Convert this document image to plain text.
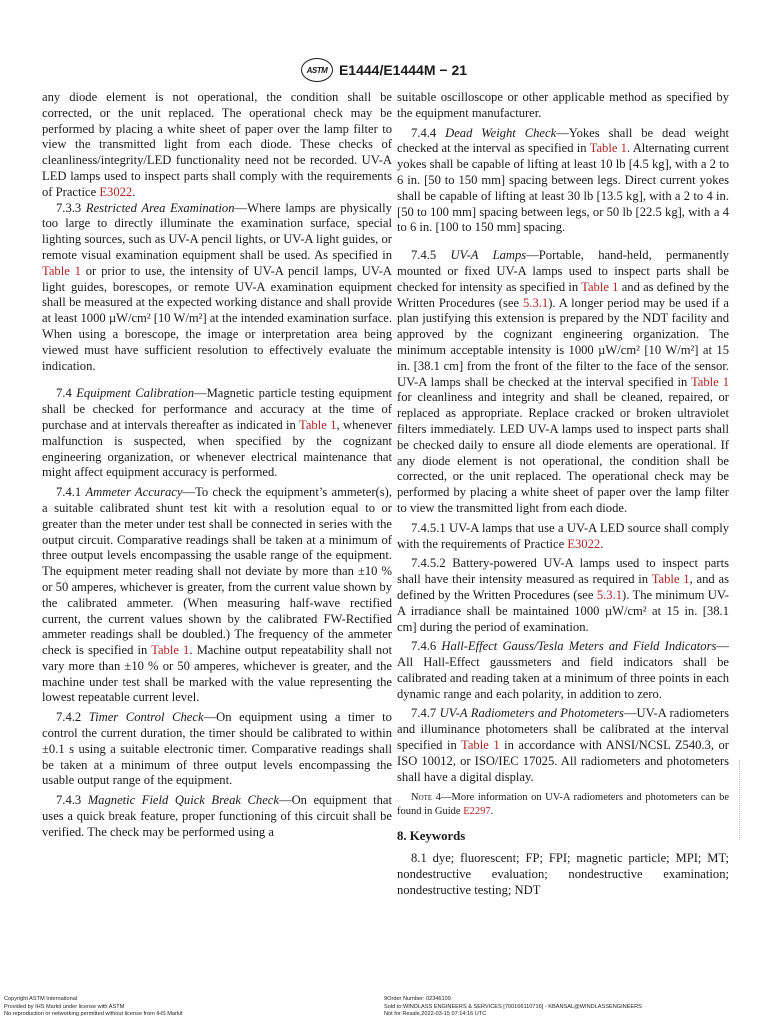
ASTM E1444/E1444M − 21

any diode element is not operational, the condition shall be corrected, or the unit replaced. The operational check may be performed by placing a white sheet of paper over the lamp filter to view the transmitted light from each diode. These checks of cleanliness/integrity/LED functionality need not be recorded. UV-A LED lamps used to inspect parts shall comply with the requirements of Practice E3022.

7.3.3 Restricted Area Examination—Where lamps are physically too large to directly illuminate the examination surface, special lighting sources, such as UV-A pencil lights, or UV-A light guides, or remote visual examination equipment shall be used. As specified in Table 1 or prior to use, the intensity of UV-A pencil lamps, UV-A light guides, borescopes, or remote UV-A examination equipment shall be measured at the expected working distance and shall provide at least 1000 µW/cm² [10 W/m²] at the intended examination surface. When using a borescope, the image or interpretation area being viewed must have sufficient resolution to effectively evaluate the indication.

7.4 Equipment Calibration—Magnetic particle testing equipment shall be checked for performance and accuracy at the time of purchase and at intervals thereafter as indicated in Table 1, whenever malfunction is suspected, when specified by the cognizant engineering organization, or whenever electrical maintenance that might affect equipment accuracy is performed.

7.4.1 Ammeter Accuracy—To check the equipment’s ammeter(s), a suitable calibrated shunt test kit with a resolution equal to or greater than the meter under test shall be connected in series with the output circuit. Comparative readings shall be taken at a minimum of three output levels encompassing the usable range of the equipment. The equipment meter reading shall not deviate by more than ±10 % or 50 amperes, whichever is greater, from the current value shown by the calibrated ammeter. (When measuring half-wave rectified current, the current values shown by the calibrated FW-Rectified ammeter readings shall be doubled.) The frequency of the ammeter check is specified in Table 1. Machine output repeatability shall not vary more than ±10 % or 50 amperes, whichever is greater, and the machine under test shall be marked with the value representing the lowest repeatable current level.

7.4.2 Timer Control Check—On equipment using a timer to control the current duration, the timer should be calibrated to within ±0.1 s using a suitable electronic timer. Comparative readings shall be taken at a minimum of three output levels encompassing the usable output range of the equipment.

7.4.3 Magnetic Field Quick Break Check—On equipment that uses a quick break feature, proper functioning of this circuit shall be verified. The check may be performed using a

suitable oscilloscope or other applicable method as specified by the equipment manufacturer.

7.4.4 Dead Weight Check—Yokes shall be dead weight checked at the interval as specified in Table 1. Alternating current yokes shall be capable of lifting at least 10 lb [4.5 kg], with a 2 to 6 in. [50 to 150 mm] spacing between legs. Direct current yokes shall be capable of lifting at least 30 lb [13.5 kg], with a 2 to 4 in. [50 to 100 mm] spacing between legs, or 50 lb [22.5 kg], with a 4 to 6 in. [100 to 150 mm] spacing.

7.4.5 UV-A Lamps—Portable, hand-held, permanently mounted or fixed UV-A lamps used to inspect parts shall be checked for intensity as specified in Table 1 and as defined by the Written Procedures (see 5.3.1). A longer period may be used if a plan justifying this extension is prepared by the NDT facility and approved by the cognizant engineering organization. The minimum acceptable intensity is 1000 µW/cm² [10 W/m²] at 15 in. [38.1 cm] from the front of the filter to the face of the sensor. UV-A lamps shall be checked at the interval specified in Table 1 for cleanliness and integrity and shall be cleaned, repaired, or replaced as appropriate. Replace cracked or broken ultraviolet filters immediately. LED UV-A lamps used to inspect parts shall be checked daily to ensure all diode elements are operational. If any diode element is not operational, the condition shall be corrected, or the unit replaced. The operational check may be performed by placing a white sheet of paper over the lamp filter to view the transmitted light from each diode.

7.4.5.1 UV-A lamps that use a UV-A LED source shall comply with the requirements of Practice E3022.

7.4.5.2 Battery-powered UV-A lamps used to inspect parts shall have their intensity measured as required in Table 1, and as defined by the Written Procedures (see 5.3.1). The minimum UV-A irradiance shall be maintained 1000 µW/cm² at 15 in. [38.1 cm] during the period of examination.

7.4.6 Hall-Effect Gauss/Tesla Meters and Field Indicators—All Hall-Effect gaussmeters and field indicators shall be calibrated and reading taken at a minimum of three points in each dynamic range and each polarity, in addition to zero.

7.4.7 UV-A Radiometers and Photometers—UV-A radiometers and illuminance photometers shall be calibrated at the interval specified in Table 1 in accordance with ANSI/NCSL Z540.3, or ISO 10012, or ISO/IEC 17025. All radiometers and photometers shall have a digital display.

Note 4—More information on UV-A radiometers and photometers can be found in Guide E2297.

8. Keywords

8.1 dye; fluorescent; FP; FPI; magnetic particle; MPI; MT; nondestructive evaluation; nondestructive examination; nondestructive testing; NDT

Copyright ASTM International
Provided by IHS Markit under license with ASTM
No reproduction or networking permitted without license from IHS Markit
9Order Number: 02346109
Sold to:WINDLASS ENGINEERS & SERVICES [700166110716] - KBANSAL@WINDLASSENGINEERS
Not for Resale,2022-03-15 07:14:16 UTC
